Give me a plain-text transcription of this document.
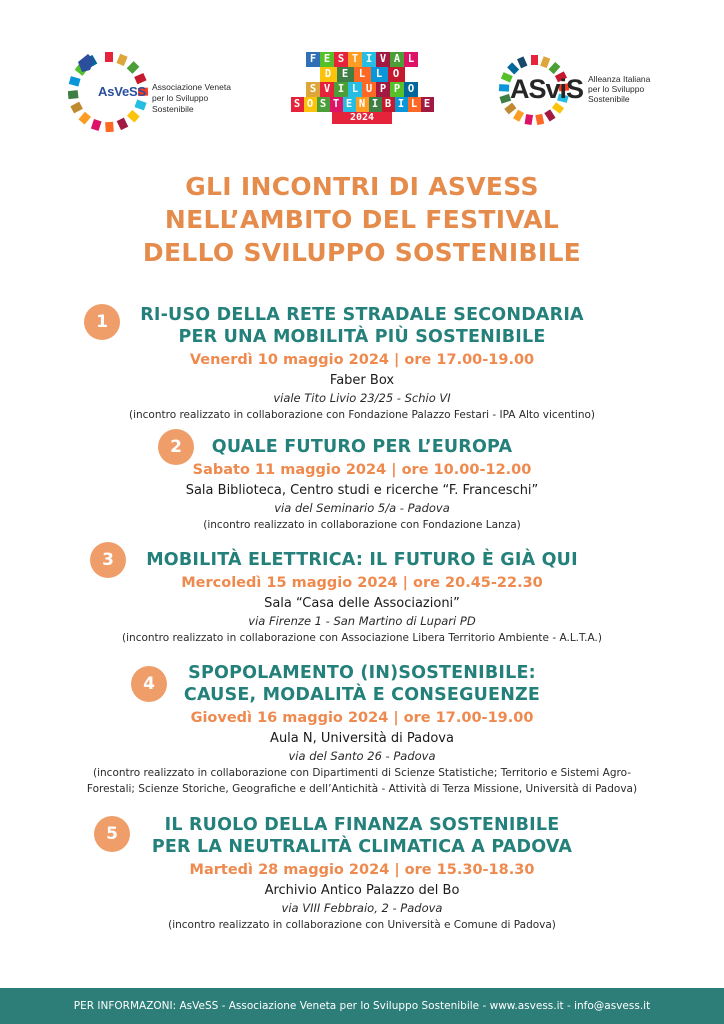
AsVeSS Associazione Veneta
per lo Sviluppo
Sostenibile
F E S T I V A L
D	E	L	L	O
S V I L U P P O
S O S T E N I B I L E
2024
ASviS Alleanza Italiana
per lo Sviluppo
Sostenibile
GLI INCONTRI DI ASVESS
NELL’AMBITO DEL FESTIVAL
DELLO SVILUPPO SOSTENIBILE
1	RI-USO DELLA RETE STRADALE SECONDARIA
PER UNA MOBILITÀ PIÙ SOSTENIBILE
Venerdì 10 maggio 2024 | ore 17.00-19.00
Faber Box
viale Tito Livio 23/25 - Schio VI
(incontro realizzato in collaborazione con Fondazione Palazzo Festari - IPA Alto vicentino)
2	QUALE FUTURO PER L’EUROPA
Sabato 11 maggio 2024 | ore 10.00-12.00
Sala Biblioteca, Centro studi e ricerche “F. Franceschi”
via del Seminario 5/a - Padova
(incontro realizzato in collaborazione con Fondazione Lanza)
3	MOBILITÀ ELETTRICA: IL FUTURO È GIÀ QUI
Mercoledì 15 maggio 2024 | ore 20.45-22.30
Sala “Casa delle Associazioni”
via Firenze 1 - San Martino di Lupari PD
(incontro realizzato in collaborazione con Associazione Libera Territorio Ambiente - A.L.T.A.)
4
SPOPOLAMENTO (IN)SOSTENIBILE:
CAUSE, MODALITÀ E CONSEGUENZE
Giovedì 16 maggio 2024 | ore 17.00-19.00
Aula N, Università di Padova
via del Santo 26 - Padova
(incontro realizzato in collaborazione con Dipartimenti di Scienze Statistiche; Territorio e Sistemi Agro-
Forestali; Scienze Storiche, Geografiche e dell’Antichità - Attività di Terza Missione, Università di Padova)
5	IL RUOLO DELLA FINANZA SOSTENIBILE
PER LA NEUTRALITÀ CLIMATICA A PADOVA
Martedì 28 maggio 2024 | ore 15.30-18.30
Archivio Antico Palazzo del Bo
via VIII Febbraio, 2 - Padova
(incontro realizzato in collaborazione con Università e Comune di Padova)
PER INFORMAZONI: AsVeSS - Associazione Veneta per lo Sviluppo Sostenibile - www.asvess.it - info@asvess.it
